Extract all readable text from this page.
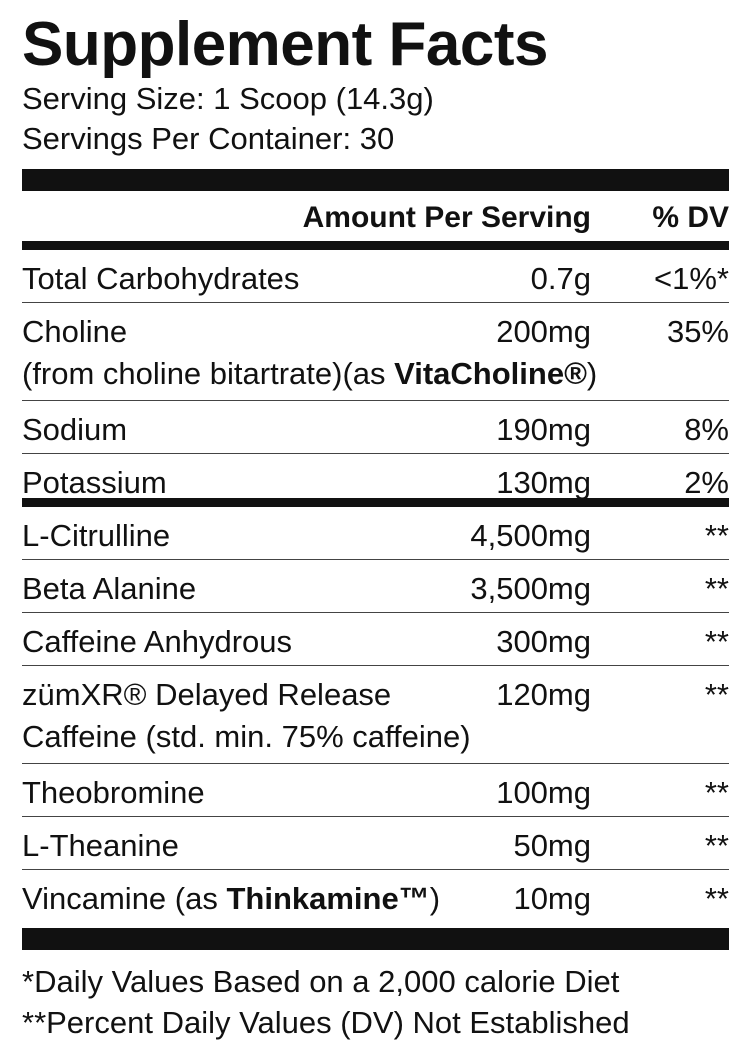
Supplement Facts
Serving Size: 1 Scoop (14.3g)
Servings Per Container: 30
Amount Per Serving % DV
Total Carbohydrates	0.7g <1%*
Choline	200mg 35%
(from choline bitartrate)(as VitaCholine®)
Sodium	190mg	8%
Potassium	130mg	2%
L-Citrulline	4,500mg	**
Beta Alanine	3,500mg	**
Caffeine Anhydrous	300mg	**
zümXR® Delayed Release	120mg	**
Caffeine (std. min. 75% caffeine)
Theobromine	100mg	**
L-Theanine	50mg	**
Vincamine (as Thinkamine™) 10mg	**
*Daily Values Based on a 2,000 calorie Diet
**Percent Daily Values (DV) Not Established
